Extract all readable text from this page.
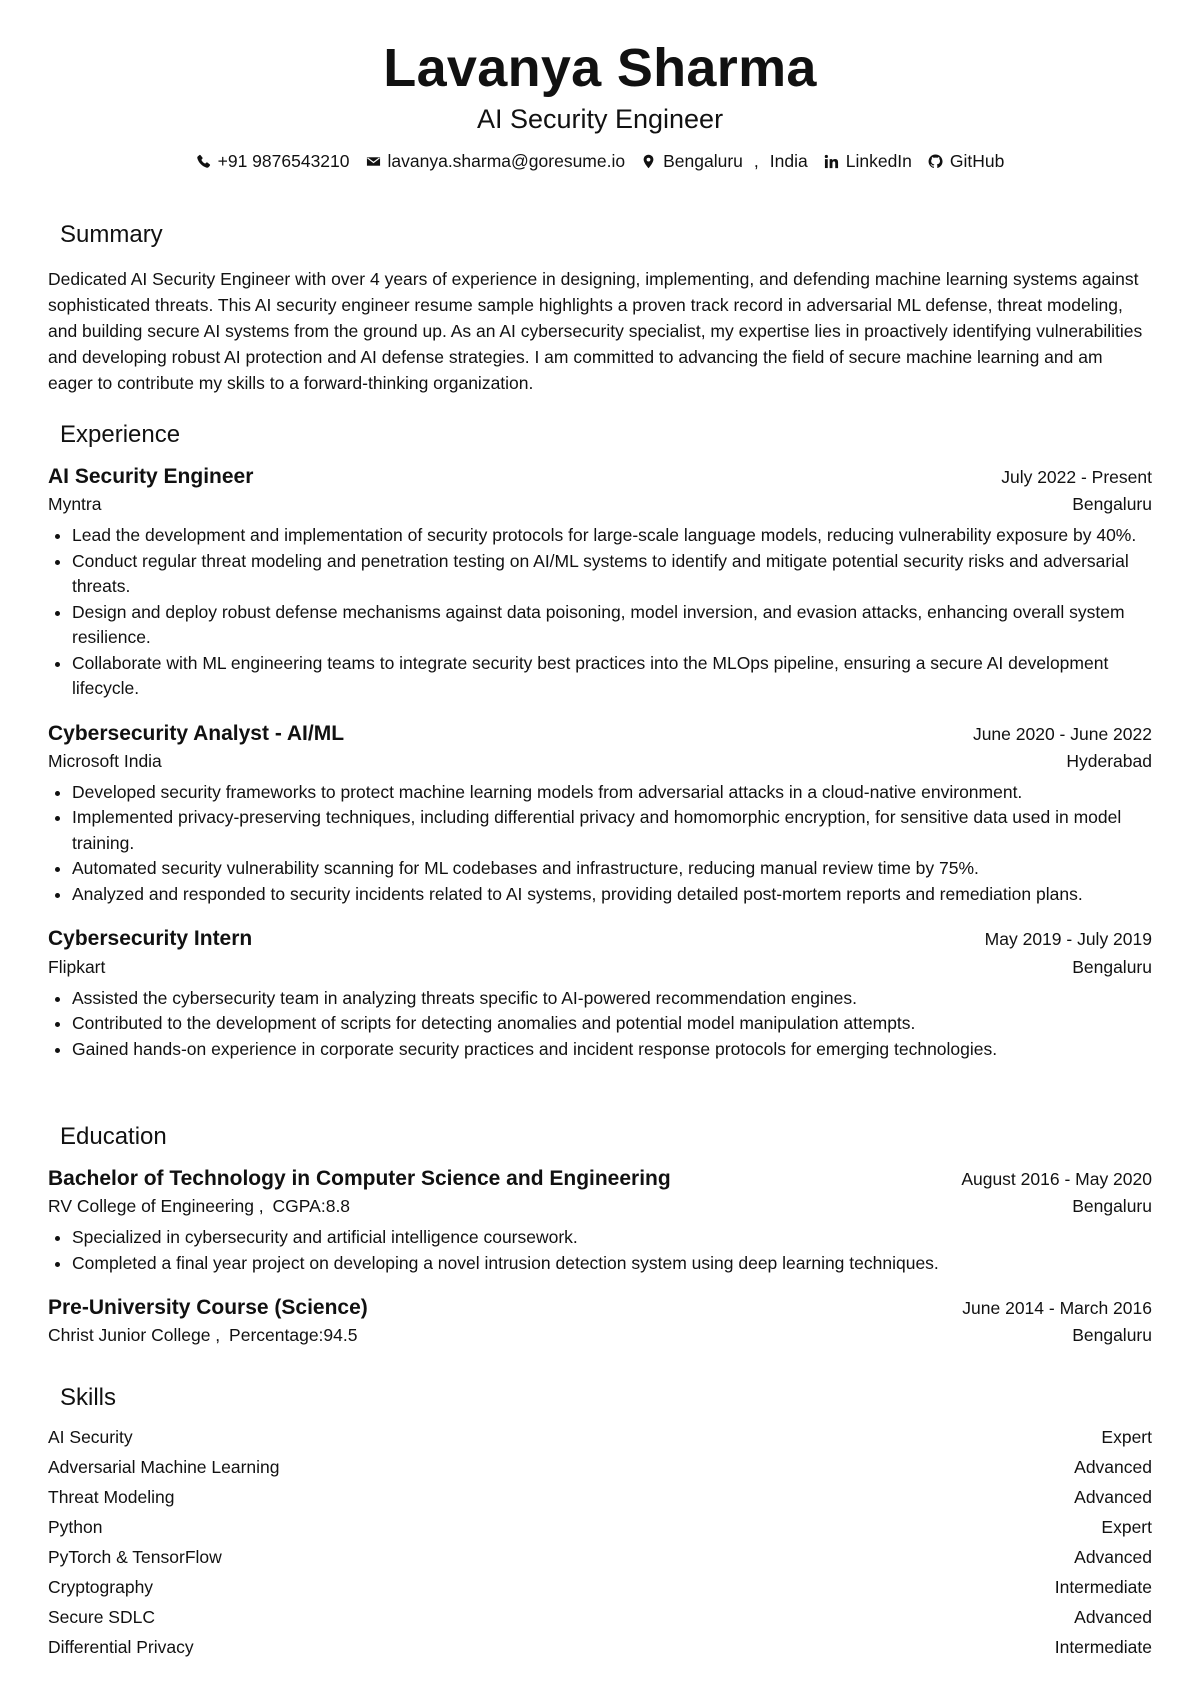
Lavanya Sharma
AI Security Engineer
+91 9876543210 lavanya.sharma@goresume.io Bengaluru , India LinkedIn GitHub
Summary
Dedicated AI Security Engineer with over 4 years of experience in designing, implementing, and defending machine learning systems against sophisticated threats. This AI security engineer resume sample highlights a proven track record in adversarial ML defense, threat modeling, and building secure AI systems from the ground up. As an AI cybersecurity specialist, my expertise lies in proactively identifying vulnerabilities and developing robust AI protection and AI defense strategies. I am committed to advancing the field of secure machine learning and am eager to contribute my skills to a forward-thinking organization.
Experience
AI Security Engineer	July 2022 - Present
Myntra	Bengaluru
• Lead the development and implementation of security protocols for large-scale language models, reducing vulnerability exposure by 40%.
• Conduct regular threat modeling and penetration testing on AI/ML systems to identify and mitigate potential security risks and adversarial threats.
• Design and deploy robust defense mechanisms against data poisoning, model inversion, and evasion attacks, enhancing overall system resilience.
• Collaborate with ML engineering teams to integrate security best practices into the MLOps pipeline, ensuring a secure AI development lifecycle.
Cybersecurity Analyst - AI/ML	June 2020 - June 2022
Microsoft India	Hyderabad
• Developed security frameworks to protect machine learning models from adversarial attacks in a cloud-native environment.
• Implemented privacy-preserving techniques, including differential privacy and homomorphic encryption, for sensitive data used in model training.
• Automated security vulnerability scanning for ML codebases and infrastructure, reducing manual review time by 75%.
• Analyzed and responded to security incidents related to AI systems, providing detailed post-mortem reports and remediation plans.
Cybersecurity Intern	May 2019 - July 2019
Flipkart	Bengaluru
• Assisted the cybersecurity team in analyzing threats specific to AI-powered recommendation engines.
• Contributed to the development of scripts for detecting anomalies and potential model manipulation attempts.
• Gained hands-on experience in corporate security practices and incident response protocols for emerging technologies.
Education
Bachelor of Technology in Computer Science and Engineering	August 2016 - May 2020
RV College of Engineering , CGPA:8.8	Bengaluru
• Specialized in cybersecurity and artificial intelligence coursework.
• Completed a final year project on developing a novel intrusion detection system using deep learning techniques.
Pre-University Course (Science)	June 2014 - March 2016
Christ Junior College , Percentage:94.5	Bengaluru
Skills
AI Security	Expert
Adversarial Machine Learning	Advanced
Threat Modeling	Advanced
Python	Expert
PyTorch & TensorFlow	Advanced
Cryptography	Intermediate
Secure SDLC	Advanced
Differential Privacy	Intermediate
